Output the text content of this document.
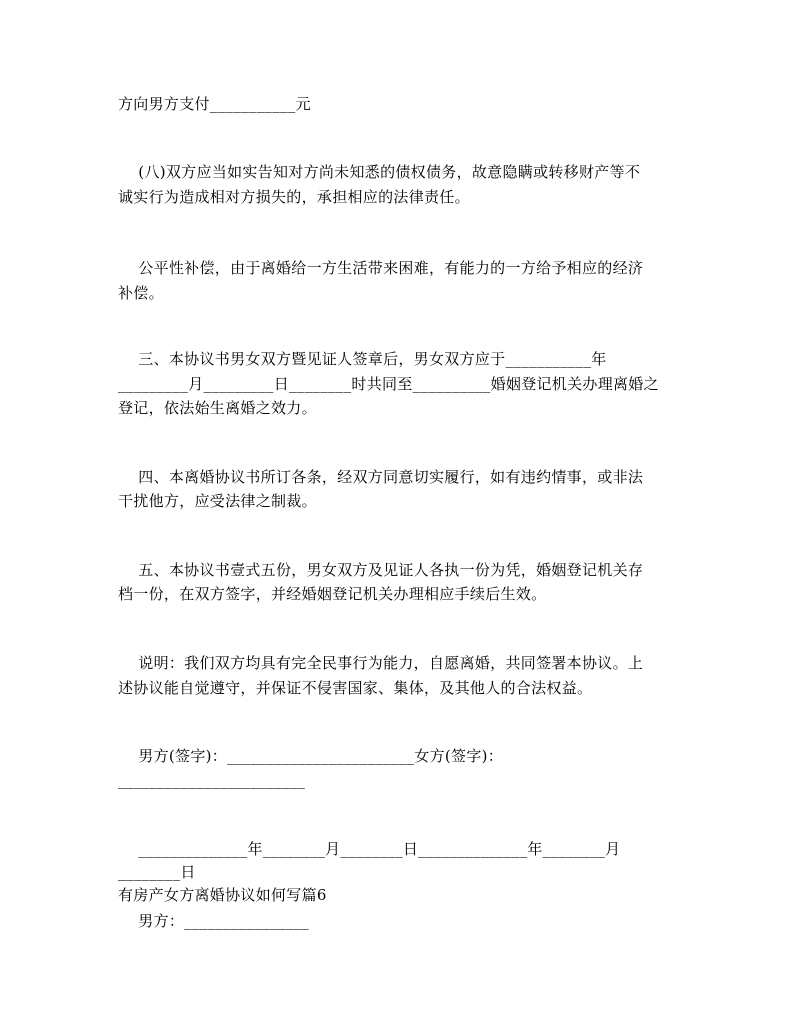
方向男方支付___________元
(八)双方应当如实告知对方尚未知悉的债权债务，故意隐瞒或转移财产等不
诚实行为造成相对方损失的，承担相应的法律责任。
公平性补偿，由于离婚给一方生活带来困难，有能力的一方给予相应的经济
补偿。
三、本协议书男女双方暨见证人签章后，男女双方应于___________年
_________月_________日________时共同至__________婚姻登记机关办理离婚之
登记，依法始生离婚之效力。
四、本离婚协议书所订各条，经双方同意切实履行，如有违约情事，或非法
干扰他方，应受法律之制裁。
五、本协议书壹式五份，男女双方及见证人各执一份为凭，婚姻登记机关存
档一份，在双方签字，并经婚姻登记机关办理相应手续后生效。
说明：我们双方均具有完全民事行为能力，自愿离婚，共同签署本协议。上
述协议能自觉遵守，并保证不侵害国家、集体，及其他人的合法权益。
男方(签字)：________________________女方(签字)：
________________________
______________年________月________日______________年________月
________日
有房产女方离婚协议如何写篇6
男方：________________
